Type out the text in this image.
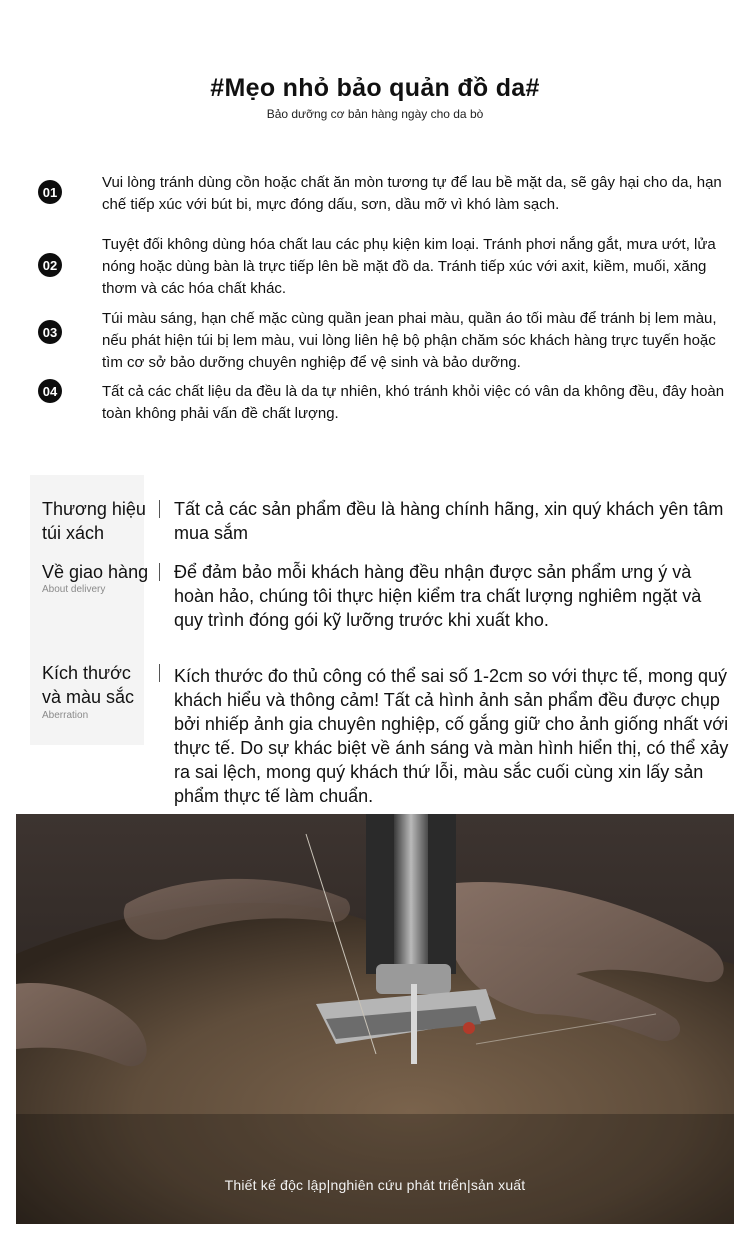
#Mẹo nhỏ bảo quản đồ da#
Bảo dưỡng cơ bản hàng ngày cho da bò
01
Vui lòng tránh dùng cồn hoặc chất ăn mòn tương tự để lau bề mặt da, sẽ gây hại cho da, hạn chế tiếp xúc với bút bi, mực đóng dấu, sơn, dầu mỡ vì khó làm sạch.
02
Tuyệt đối không dùng hóa chất lau các phụ kiện kim loại. Tránh phơi nắng gắt, mưa ướt, lửa nóng hoặc dùng bàn là trực tiếp lên bề mặt đồ da. Tránh tiếp xúc với axit, kiềm, muối, xăng thơm và các hóa chất khác.
03
Túi màu sáng, hạn chế mặc cùng quần jean phai màu, quần áo tối màu để tránh bị lem màu, nếu phát hiện túi bị lem màu, vui lòng liên hệ bộ phận chăm sóc khách hàng trực tuyến hoặc tìm cơ sở bảo dưỡng chuyên nghiệp để vệ sinh và bảo dưỡng.
04	Tất cả các chất liệu da đều là da tự nhiên, khó tránh khỏi việc có vân da không đều, đây hoàn toàn không phải vấn đề chất lượng.
Thương hiệu túi xách
Tất cả các sản phẩm đều là hàng chính hãng, xin quý khách yên tâm mua sắm
Về giao hàng
About delivery
Để đảm bảo mỗi khách hàng đều nhận được sản phẩm ưng ý và hoàn hảo, chúng tôi thực hiện kiểm tra chất lượng nghiêm ngặt và quy trình đóng gói kỹ lưỡng trước khi xuất kho.
Kích thước và màu sắc
Aberration
Kích thước đo thủ công có thể sai số 1-2cm so với thực tế, mong quý khách hiểu và thông cảm! Tất cả hình ảnh sản phẩm đều được chụp bởi nhiếp ảnh gia chuyên nghiệp, cố gắng giữ cho ảnh giống nhất với thực tế. Do sự khác biệt về ánh sáng và màn hình hiển thị, có thể xảy ra sai lệch, mong quý khách thứ lỗi, màu sắc cuối cùng xin lấy sản phẩm thực tế làm chuẩn.
Thiết kế độc lập|nghiên cứu phát triển|sản xuất
